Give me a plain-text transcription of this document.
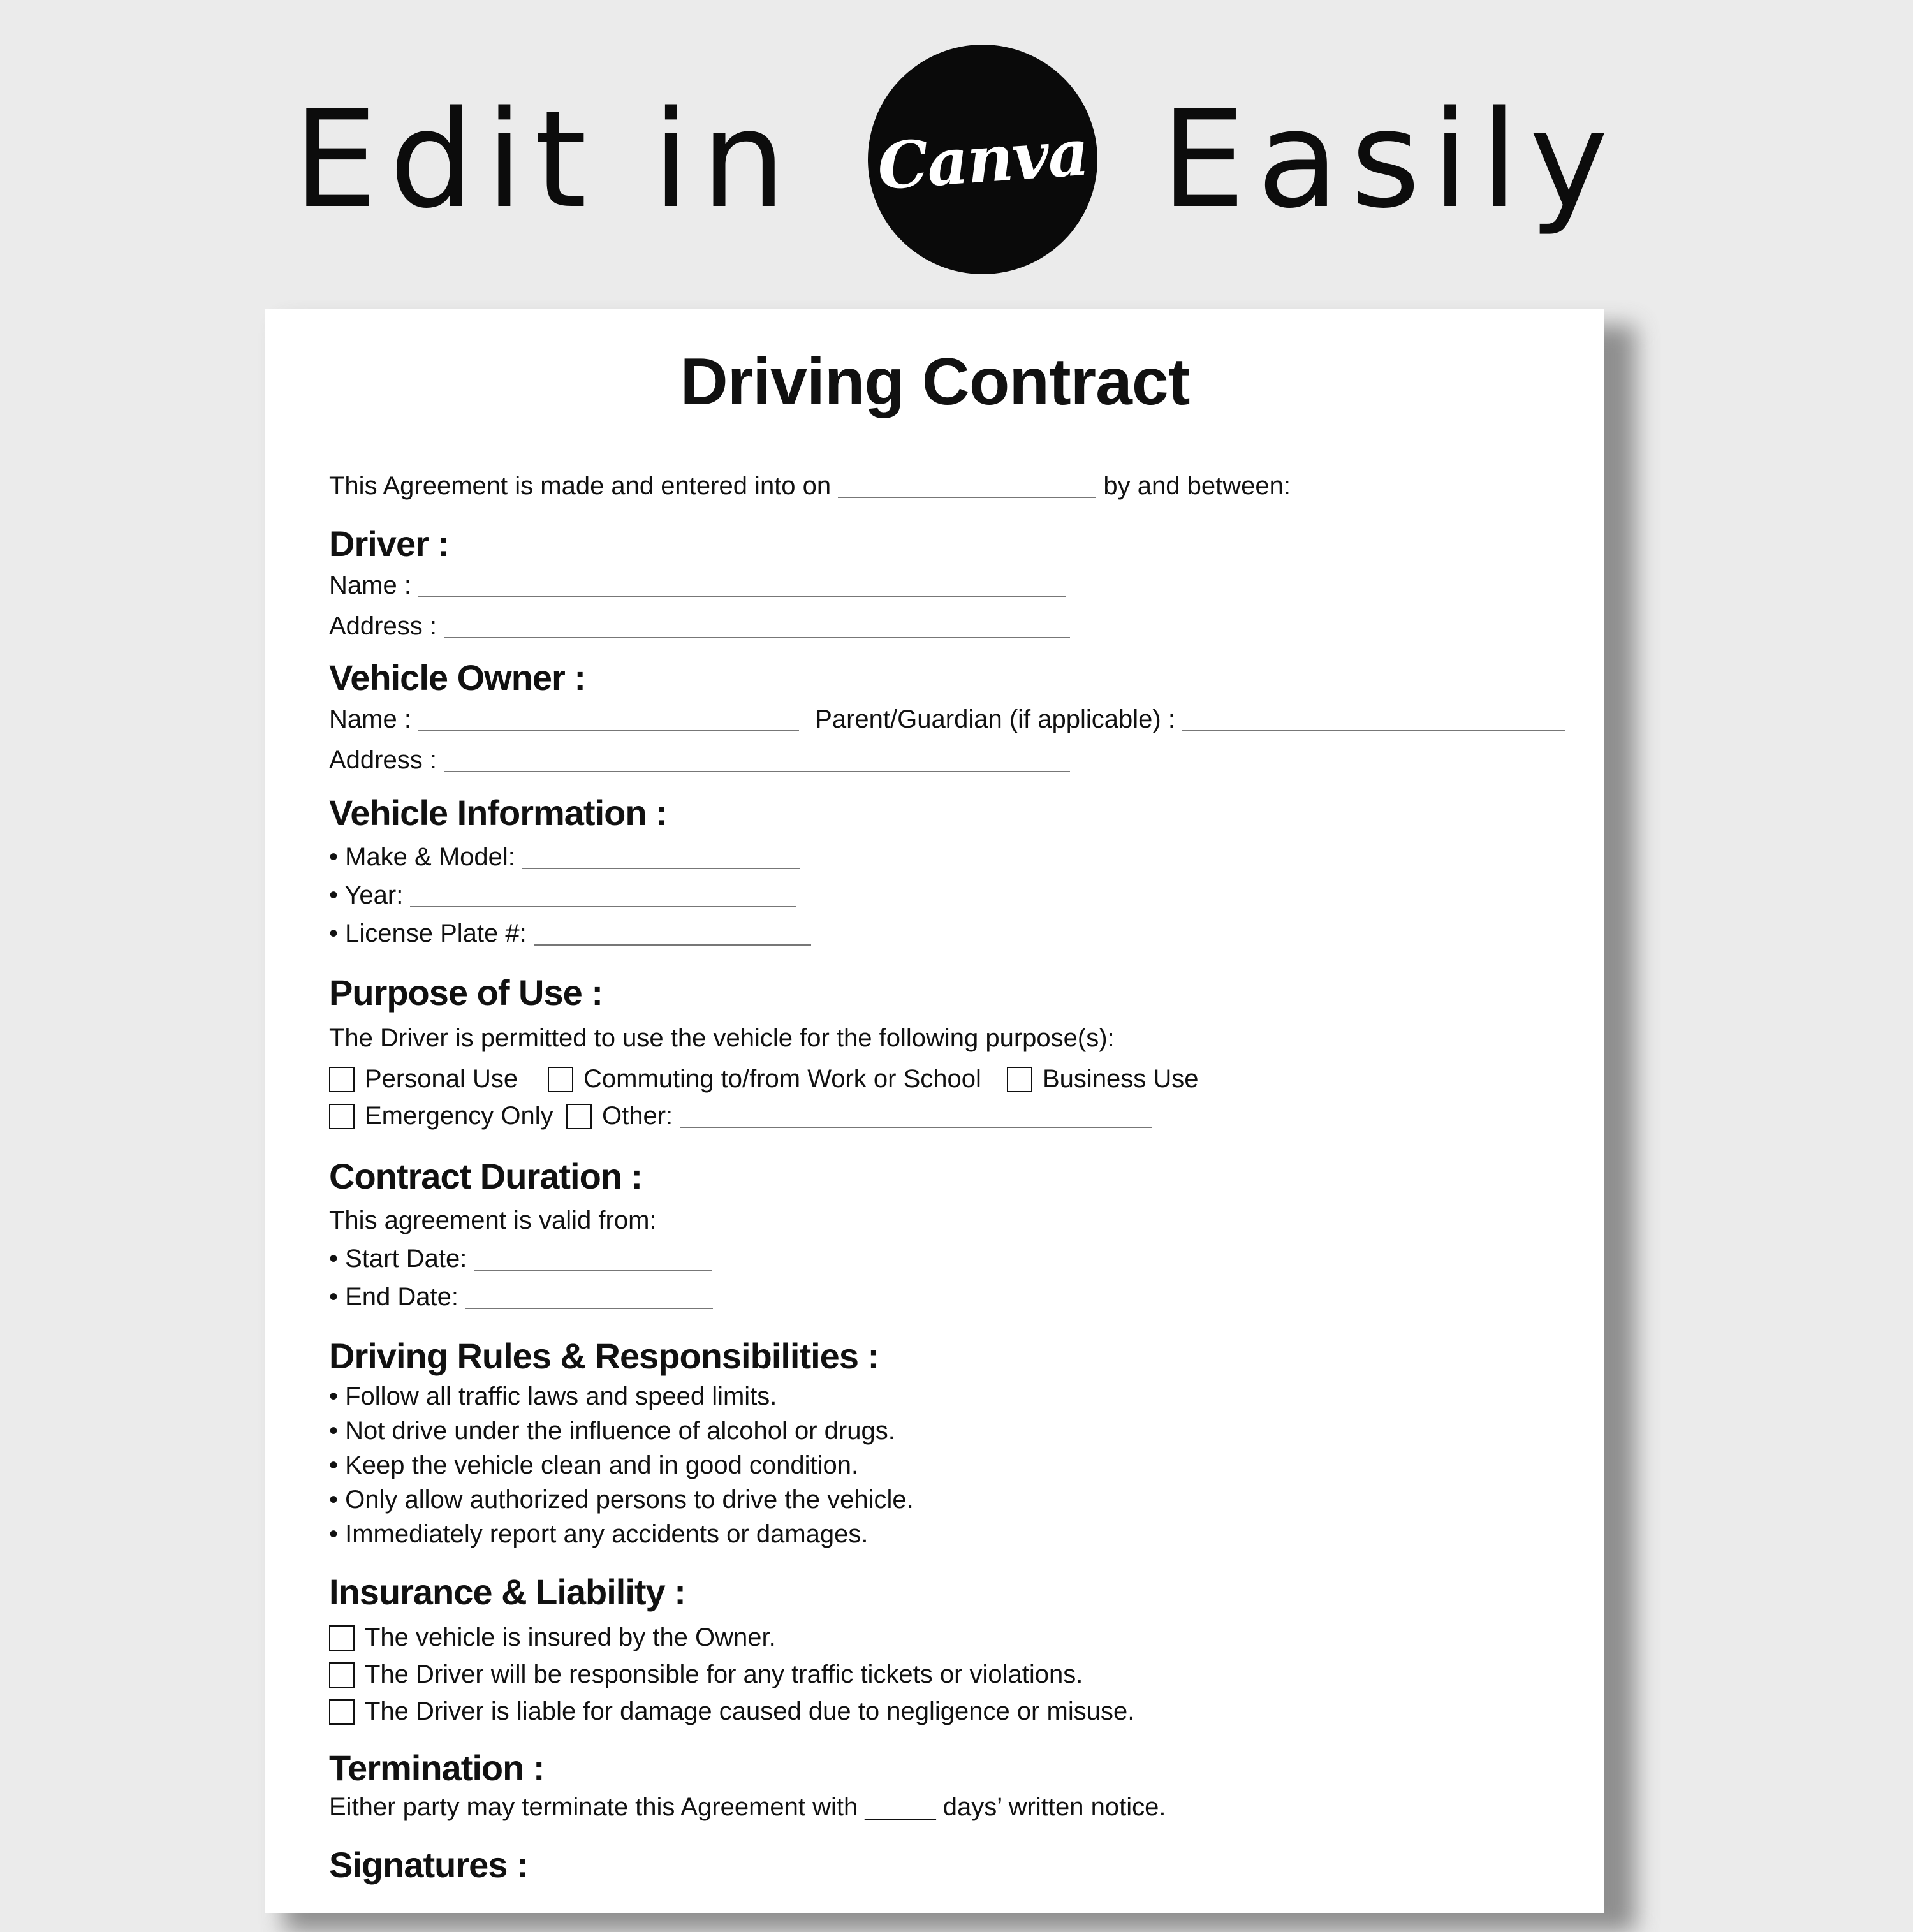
Edit in Canva Easily
Driving Contract
This Agreement is made and entered into on	by and between:
Driver :
Name :
Address :
Vehicle Owner :
Name :	Parent/Guardian (if applicable) :
Address :
Vehicle Information :
• Make & Model:
• Year:
• License Plate #:
Purpose of Use :
The Driver is permitted to use the vehicle for the following purpose(s):
Personal Use	Commuting to/from Work or School Business Use
Emergency Only Other:
Contract Duration :
This agreement is valid from:
• Start Date:
• End Date:
Driving Rules & Responsibilities :
• Follow all traffic laws and speed limits.
• Not drive under the influence of alcohol or drugs.
• Keep the vehicle clean and in good condition.
• Only allow authorized persons to drive the vehicle.
• Immediately report any accidents or damages.
Insurance & Liability :
The vehicle is insured by the Owner.
The Driver will be responsible for any traffic tickets or violations.
The Driver is liable for damage caused due to negligence or misuse.
Termination :
Either party may terminate this Agreement with _____ days’ written notice.
Signatures :
